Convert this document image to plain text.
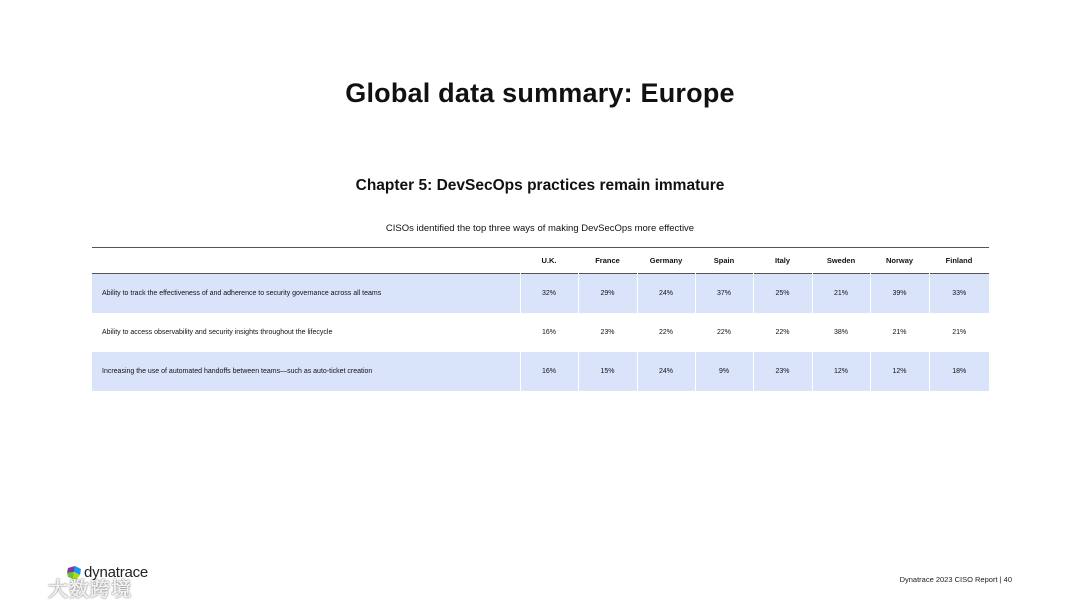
Global data summary: Europe
Chapter 5: DevSecOps practices remain immature

CISOs identified the top three ways of making DevSecOps more effective

	U.K.	France	Germany	Spain	Italy	Sweden	Norway	Finland
Ability to track the effectiveness of and adherence to security governance across all teams	32%	29%	24%	37%	25%	21%	39%	33%
Ability to access observability and security insights throughout the lifecycle	16%	23%	22%	22%	22%	38%	21%	21%
Increasing the use of automated handoffs between teams—such as auto-ticket creation	16%	15%	24%	9%	23%	12%	12%	18%
dynatrace
大数跨境	Dynatrace 2023 CISO Report | 40
